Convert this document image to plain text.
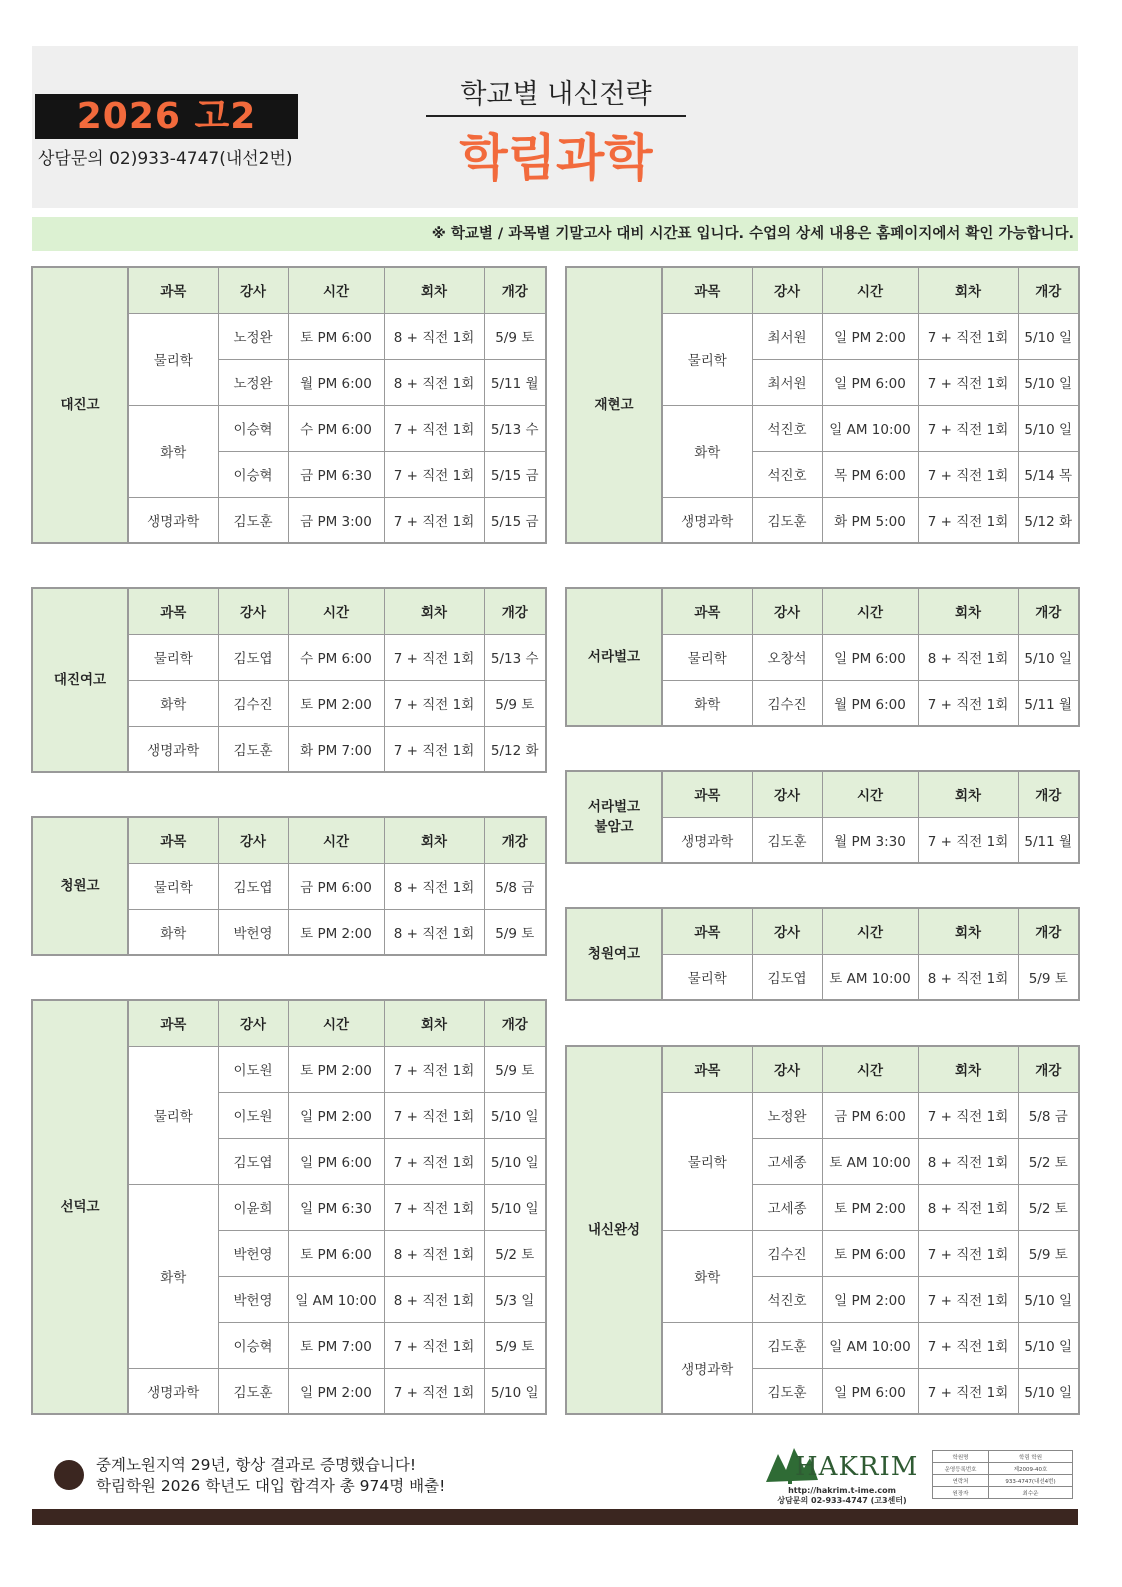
2026 고2
상담문의 02)933-4747(내선2번)
학교별 내신전략
학림과학
※ 학교별 / 과목별 기말고사 대비 시간표 입니다. 수업의 상세 내용은 홈페이지에서 확인 가능합니다.
대진고	과목	강사	시간	회차	개강
	물리학	노정완	토 PM 6:00	8 + 직전 1회	5/9 토
		노정완	월 PM 6:00	8 + 직전 1회	5/11 월
	화학	이승혁	수 PM 6:00	7 + 직전 1회	5/13 수
		이승혁	금 PM 6:30	7 + 직전 1회	5/15 금
	생명과학	김도훈	금 PM 3:00	7 + 직전 1회	5/15 금
재현고	과목	강사	시간	회차	개강
	물리학	최서원	일 PM 2:00	7 + 직전 1회	5/10 일
		최서원	일 PM 6:00	7 + 직전 1회	5/10 일
	화학	석진호	일 AM 10:00	7 + 직전 1회	5/10 일
		석진호	목 PM 6:00	7 + 직전 1회	5/14 목
	생명과학	김도훈	화 PM 5:00	7 + 직전 1회	5/12 화
대진여고	과목	강사	시간	회차	개강
	물리학	김도엽	수 PM 6:00	7 + 직전 1회	5/13 수
	화학	김수진	토 PM 2:00	7 + 직전 1회	5/9 토
	생명과학	김도훈	화 PM 7:00	7 + 직전 1회	5/12 화
서라벌고	과목	강사	시간	회차	개강
	물리학	오창석	일 PM 6:00	8 + 직전 1회	5/10 일
	화학	김수진	월 PM 6:00	7 + 직전 1회	5/11 월
서라벌고
불암고	과목	강사	시간	회차	개강
	생명과학	김도훈	월 PM 3:30	7 + 직전 1회	5/11 월
청원고	과목	강사	시간	회차	개강
	물리학	김도엽	금 PM 6:00	8 + 직전 1회	5/8 금
	화학	박헌영	토 PM 2:00	8 + 직전 1회	5/9 토
청원여고	과목	강사	시간	회차	개강
	물리학	김도엽	토 AM 10:00	8 + 직전 1회	5/9 토
선덕고	과목	강사	시간	회차	개강
	물리학	이도원	토 PM 2:00	7 + 직전 1회	5/9 토
		이도원	일 PM 2:00	7 + 직전 1회	5/10 일
		김도엽	일 PM 6:00	7 + 직전 1회	5/10 일
	화학	이윤희	일 PM 6:30	7 + 직전 1회	5/10 일
		박헌영	토 PM 6:00	8 + 직전 1회	5/2 토
		박헌영	일 AM 10:00	8 + 직전 1회	5/3 일
		이승혁	토 PM 7:00	7 + 직전 1회	5/9 토
	생명과학	김도훈	일 PM 2:00	7 + 직전 1회	5/10 일
내신완성	과목	강사	시간	회차	개강
	물리학	노정완	금 PM 6:00	7 + 직전 1회	5/8 금
		고세종	토 AM 10:00	8 + 직전 1회	5/2 토
		고세종	토 PM 2:00	8 + 직전 1회	5/2 토
	화학	김수진	토 PM 6:00	7 + 직전 1회	5/9 토
		석진호	일 PM 2:00	7 + 직전 1회	5/10 일
	생명과학	김도훈	일 AM 10:00	7 + 직전 1회	5/10 일
		김도훈	일 PM 6:00	7 + 직전 1회	5/10 일
중계노원지역 29년, 항상 결과로 증명했습니다!
학림학원 2026 학년도 대입 합격자 총 974명 배출!
HAKRIM
http://hakrim.t-ime.com
상담문의 02-933-4747 (고3센터)
학원명	학림 학원
운영등록번호	제2009-40호
연락처	933-4747(내선4번)
원장자	최수운
